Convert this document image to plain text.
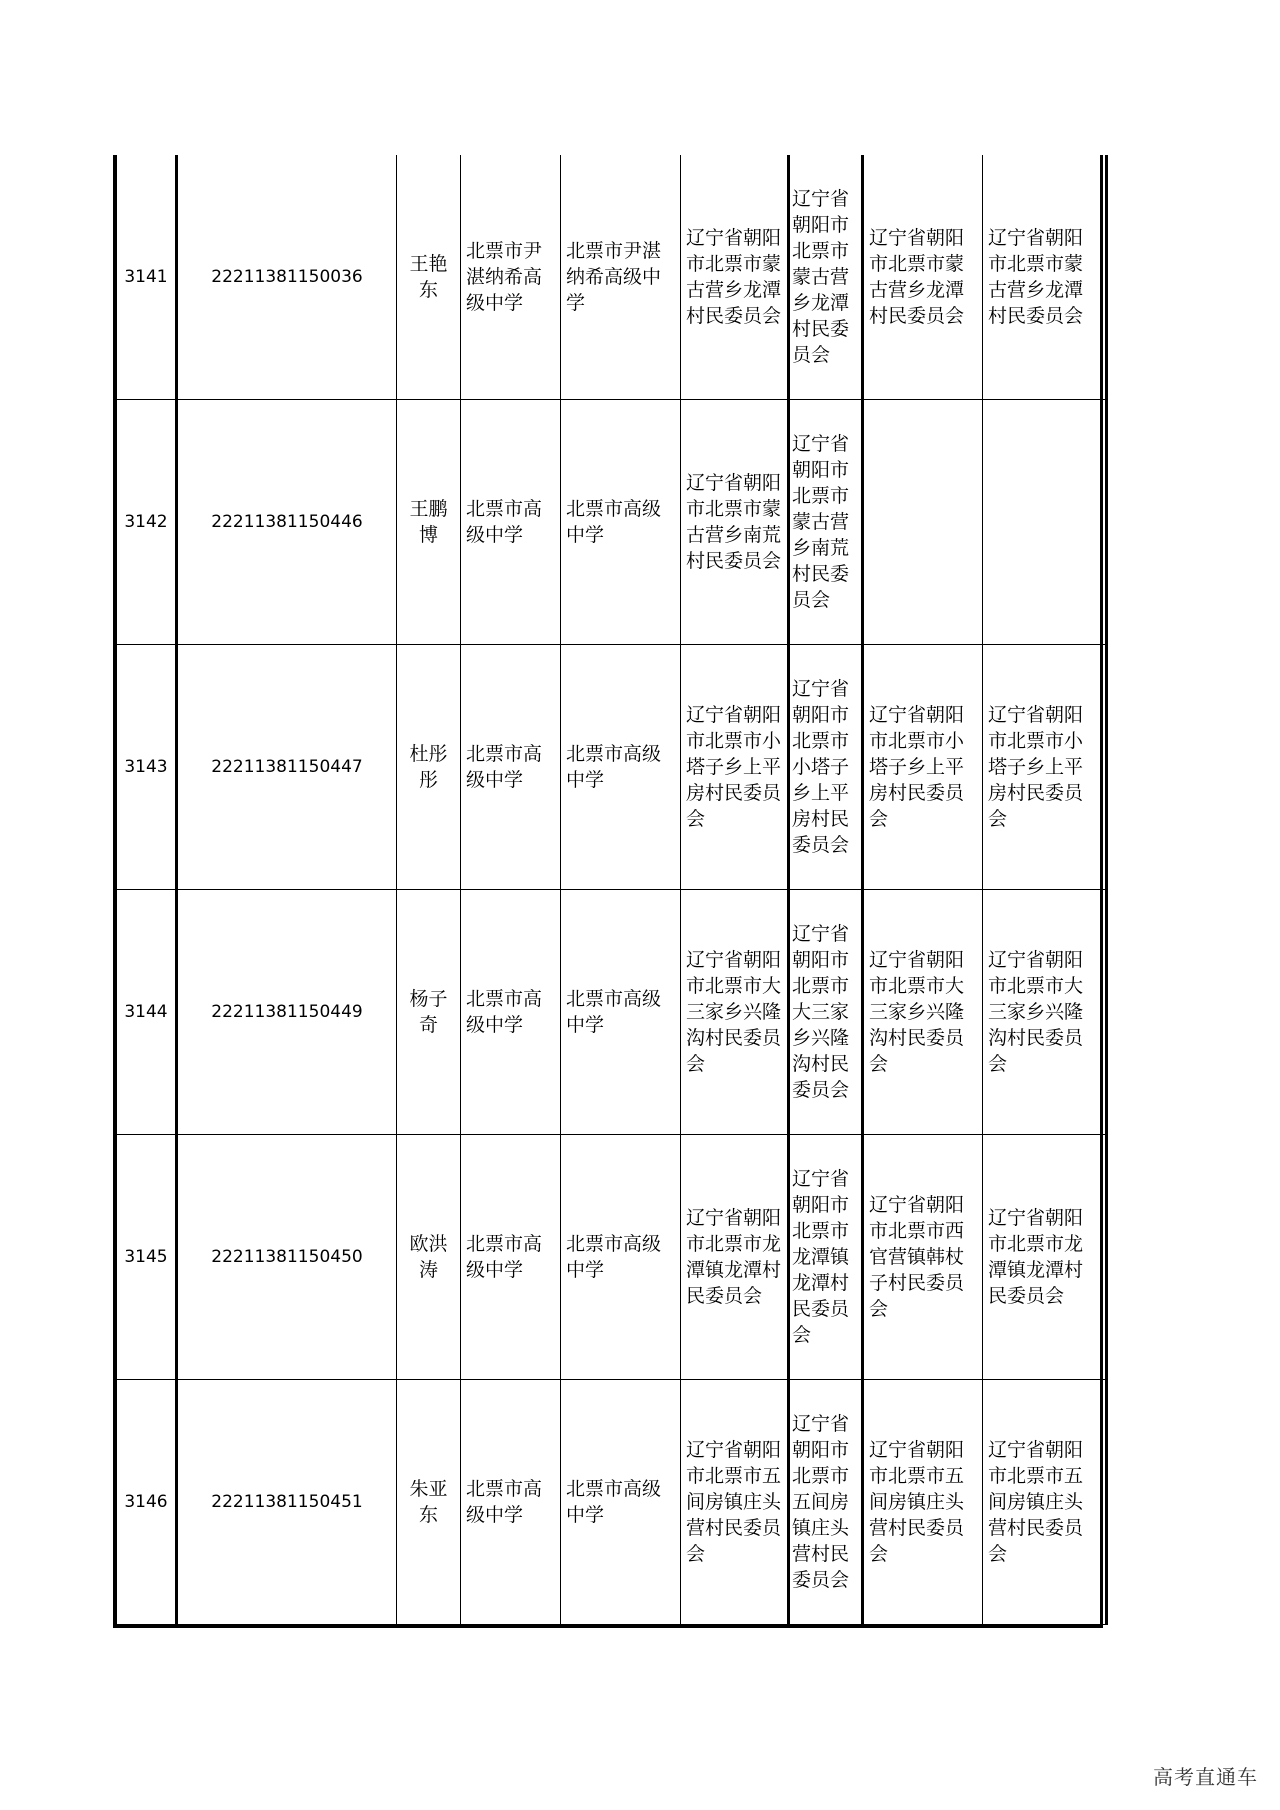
3141	22211381150036	王艳东	北票市尹湛纳希高级中学	北票市尹湛纳希高级中学	辽宁省朝阳市北票市蒙古营乡龙潭村民委员会	辽宁省朝阳市北票市蒙古营乡龙潭村民委员会	辽宁省朝阳市北票市蒙古营乡龙潭村民委员会	辽宁省朝阳市北票市蒙古营乡龙潭村民委员会
3142	22211381150446	王鹏博	北票市高级中学	北票市高级中学	辽宁省朝阳市北票市蒙古营乡南荒村民委员会	辽宁省朝阳市北票市蒙古营乡南荒村民委员会		
3143	22211381150447	杜彤彤	北票市高级中学	北票市高级中学	辽宁省朝阳市北票市小塔子乡上平房村民委员会	辽宁省朝阳市北票市小塔子乡上平房村民委员会	辽宁省朝阳市北票市小塔子乡上平房村民委员会	辽宁省朝阳市北票市小塔子乡上平房村民委员会
3144	22211381150449	杨子奇	北票市高级中学	北票市高级中学	辽宁省朝阳市北票市大三家乡兴隆沟村民委员会	辽宁省朝阳市北票市大三家乡兴隆沟村民委员会	辽宁省朝阳市北票市大三家乡兴隆沟村民委员会	辽宁省朝阳市北票市大三家乡兴隆沟村民委员会
3145	22211381150450	欧洪涛	北票市高级中学	北票市高级中学	辽宁省朝阳市北票市龙潭镇龙潭村民委员会	辽宁省朝阳市北票市龙潭镇龙潭村民委员会	辽宁省朝阳市北票市西官营镇韩杖子村民委员会	辽宁省朝阳市北票市龙潭镇龙潭村民委员会
3146	22211381150451	朱亚东	北票市高级中学	北票市高级中学	辽宁省朝阳市北票市五间房镇庄头营村民委员会	辽宁省朝阳市北票市五间房镇庄头营村民委员会	辽宁省朝阳市北票市五间房镇庄头营村民委员会	辽宁省朝阳市北票市五间房镇庄头营村民委员会
高考直通车
